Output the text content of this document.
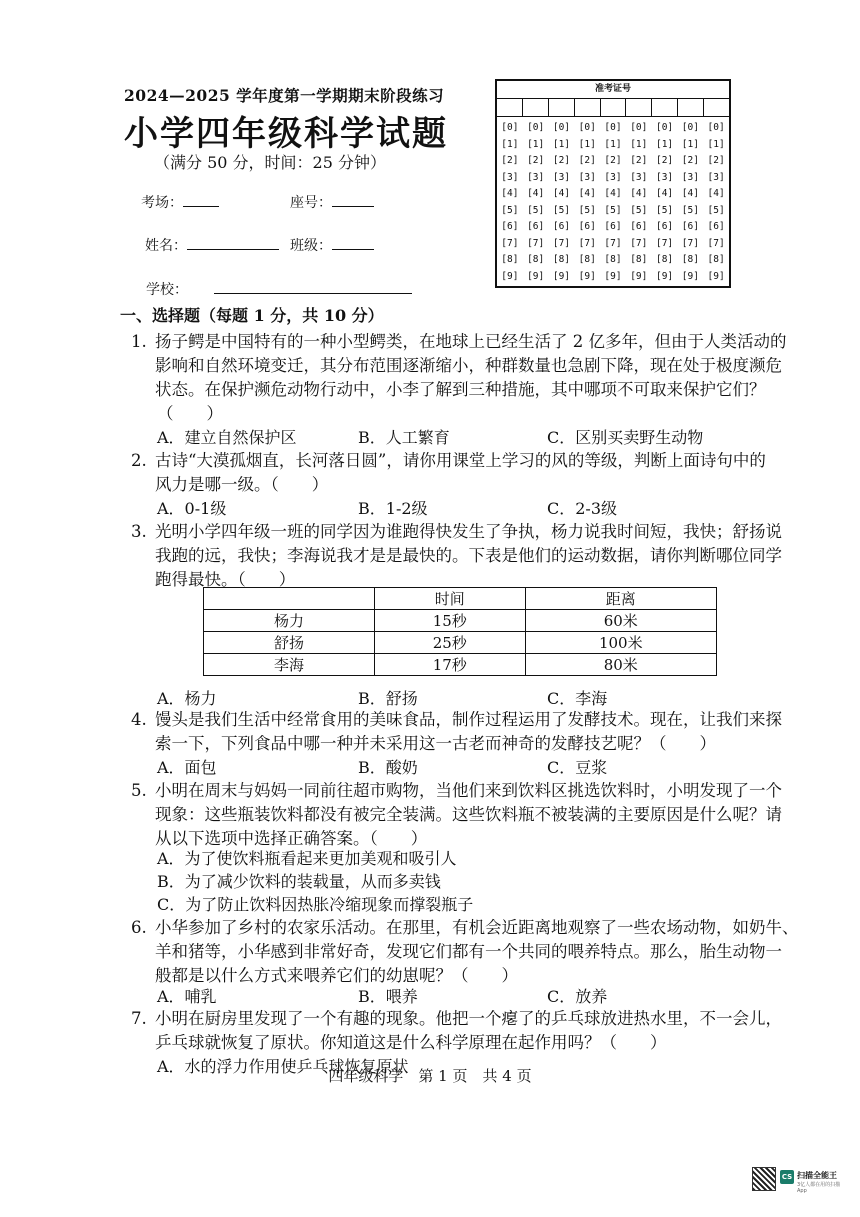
2024—2025 学年度第一学期期末阶段练习
小学四年级科学试题
（满分 50 分，时间：25 分钟）
考场：	座号：
姓名：	班级：
学校：
准考证号
[0]
[1]
[2]
[3]
[4]
[5]
[6]
[7]
[8]
[9]
[0]
[1]
[2]
[3]
[4]
[5]
[6]
[7]
[8]
[9]
[0]
[1]
[2]
[3]
[4]
[5]
[6]
[7]
[8]
[9]
[0]
[1]
[2]
[3]
[4]
[5]
[6]
[7]
[8]
[9]
[0]
[1]
[2]
[3]
[4]
[5]
[6]
[7]
[8]
[9]
[0]
[1]
[2]
[3]
[4]
[5]
[6]
[7]
[8]
[9]
[0]
[1]
[2]
[3]
[4]
[5]
[6]
[7]
[8]
[9]
[0]
[1]
[2]
[3]
[4]
[5]
[6]
[7]
[8]
[9]
[0]
[1]
[2]
[3]
[4]
[5]
[6]
[7]
[8]
[9]
一、选择题（每题 1 分，共 10 分）
1. 扬子鳄是中国特有的一种小型鳄类，在地球上已经生活了 2 亿多年，但由于人类活动的
影响和自然环境变迁，其分布范围逐渐缩小，种群数量也急剧下降，现在处于极度濒危
状态。在保护濒危动物行动中，小李了解到三种措施，其中哪项不可取来保护它们？
（　　）
2. 古诗“大漠孤烟直，长河落日圆”，请你用课堂上学习的风的等级，判断上面诗句中的
风力是哪一级。（　　）
3. 光明小学四年级一班的同学因为谁跑得快发生了争执，杨力说我时间短，我快；舒扬说
我跑的远，我快；李海说我才是是最快的。下表是他们的运动数据，请你判断哪位同学
跑得最快。（　　）
4. 馒头是我们生活中经常食用的美味食品，制作过程运用了发酵技术。现在，让我们来探
索一下，下列食品中哪一种并未采用这一古老而神奇的发酵技艺呢？（　　）
5. 小明在周末与妈妈一同前往超市购物，当他们来到饮料区挑选饮料时，小明发现了一个
现象：这些瓶装饮料都没有被完全装满。这些饮料瓶不被装满的主要原因是什么呢？请
从以下选项中选择正确答案。（　　）
6. 小华参加了乡村的农家乐活动。在那里，有机会近距离地观察了一些农场动物，如奶牛、
羊和猪等，小华感到非常好奇，发现它们都有一个共同的喂养特点。那么，胎生动物一
般都是以什么方式来喂养它们的幼崽呢？（　　）
7. 小明在厨房里发现了一个有趣的现象。他把一个瘪了的乒乓球放进热水里，不一会儿，
乒乓球就恢复了原状。你知道这是什么科学原理在起作用吗？（　　）
四年级科学　第 1 页　共 4 页
CS 扫描全能王
3亿人都在用的扫描App
A．建立自然保护区	B．人工繁育	C．区别买卖野生动物
A．0-1级	B．1-2级	C．2-3级
	时间	距离
杨力	15秒	60米
舒扬	25秒	100米
李海	17秒	80米
A．杨力	B．舒扬	C．李海
A．面包	B．酸奶	C．豆浆
A．为了使饮料瓶看起来更加美观和吸引人
B．为了减少饮料的装载量，从而多卖钱
C．为了防止饮料因热胀冷缩现象而撑裂瓶子
A．哺乳	B．喂养	C．放养
A．水的浮力作用使乒乓球恢复原状
